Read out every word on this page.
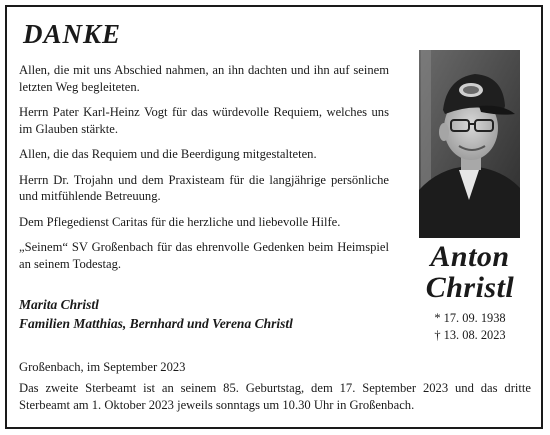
DANKE

Allen, die mit uns Abschied nahmen, an ihn dachten und ihn auf seinem letzten Weg begleiteten.

Herrn Pater Karl-Heinz Vogt für das würdevolle Requiem, welches uns im Glauben stärkte.

Allen, die das Requiem und die Beerdigung mitgestalteten.

Herrn Dr. Trojahn und dem Praxisteam für die langjährige persönliche und mitfühlende Betreuung.

Dem Pflegedienst Caritas für die herzliche und liebevolle Hilfe.

„Seinem“ SV Großenbach für das ehrenvolle Gedenken beim Heimspiel an seinem Todestag.

Marita Christl
Familien Matthias, Bernhard und Verena Christl
Großenbach, im September 2023
Das zweite Sterbeamt ist an seinem 85. Geburtstag, dem 17. September 2023 und das dritte Sterbeamt am 1. Oktober 2023 jeweils sonntags um 10.30 Uhr in Großenbach.
Anton
Christl
* 17. 09. 1938
† 13. 08. 2023
